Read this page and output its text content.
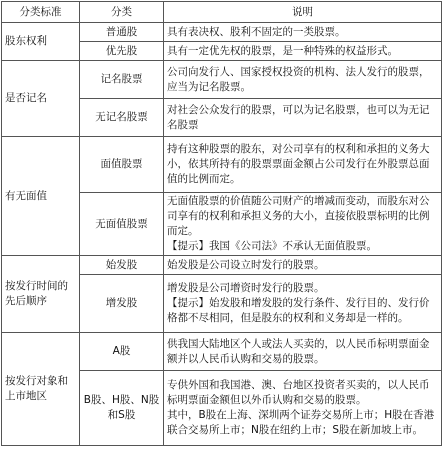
分类标准	分类	说明
股东权利	普通股	具有表决权、股利不固定的一类股票。
	优先股	具有一定优先权的股票，是一种特殊的权益形式。
是否记名	记名股票	公司向发行人、国家授权投资的机构、法人发行的股票，应当为记名股票。
	无记名股票	对社会公众发行的股票，可以为记名股票，也可以为无记名股票
有无面值	面值股票	持有这种股票的股东，对公司享有的权利和承担的义务大小，依其所持有的股票票面金额占公司发行在外股票总面值的比例而定。
	无面值股票	无面值股票的价值随公司财产的增减而变动，而股东对公司享有的权利和承担义务的大小，直接依股票标明的比例而定。
【提示】我国《公司法》不承认无面值股票。

按发行时间的先后顺序	始发股	始发股是公司设立时发行的股票。
	增发股	增发股是公司增资时发行的股票。
【提示】始发股和增发股的发行条件、发行目的、发行价格都不尽相同，但是股东的权利和义务却是一样的。

按发行对象和上市地区	A股	供我国大陆地区个人或法人买卖的，以人民币标明票面金额并以人民币认购和交易的股票。
	B股、H股、N股和S股	专供外国和我国港、澳、台地区投资者买卖的，以人民币标明票面金额但以外币认购和交易的股票。
其中，B股在上海、深圳两个证券交易所上市；H股在香港联合交易所上市；N股在纽约上市；S股在新加坡上市。
